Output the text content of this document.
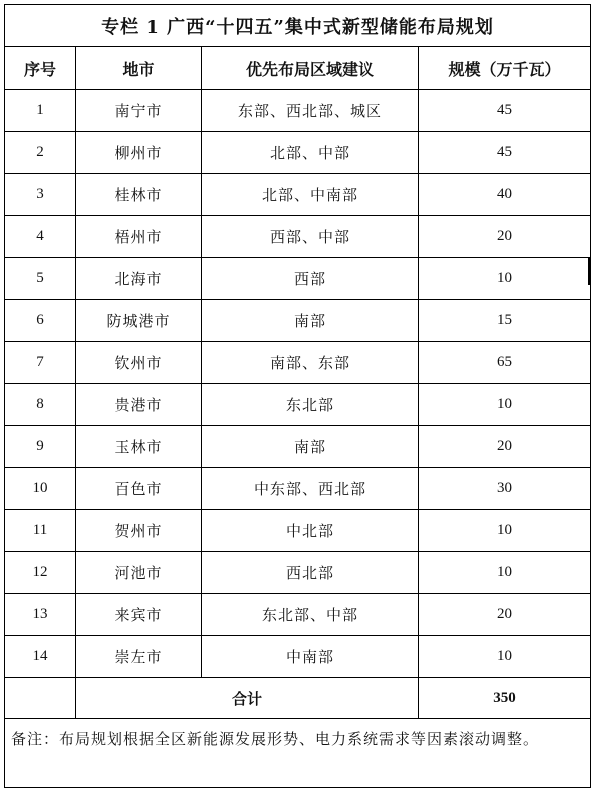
专栏 1 广西“十四五”集中式新型储能布局规划			
序号	地市	优先布局区域建议	规模（万千瓦）
1	南宁市	东部、西北部、城区	45
2	柳州市	北部、中部	45
3	桂林市	北部、中南部	40
4	梧州市	西部、中部	20
5	北海市	西部	10
6	防城港市	南部	15
7	钦州市	南部、东部	65
8	贵港市	东北部	10
9	玉林市	南部	20
10	百色市	中东部、西北部	30
11	贺州市	中北部	10
12	河池市	西北部	10
13	来宾市	东北部、中部	20
14	崇左市	中南部	10
	合计		350
备注：布局规划根据全区新能源发展形势、电力系统需求等因素滚动调整。			
